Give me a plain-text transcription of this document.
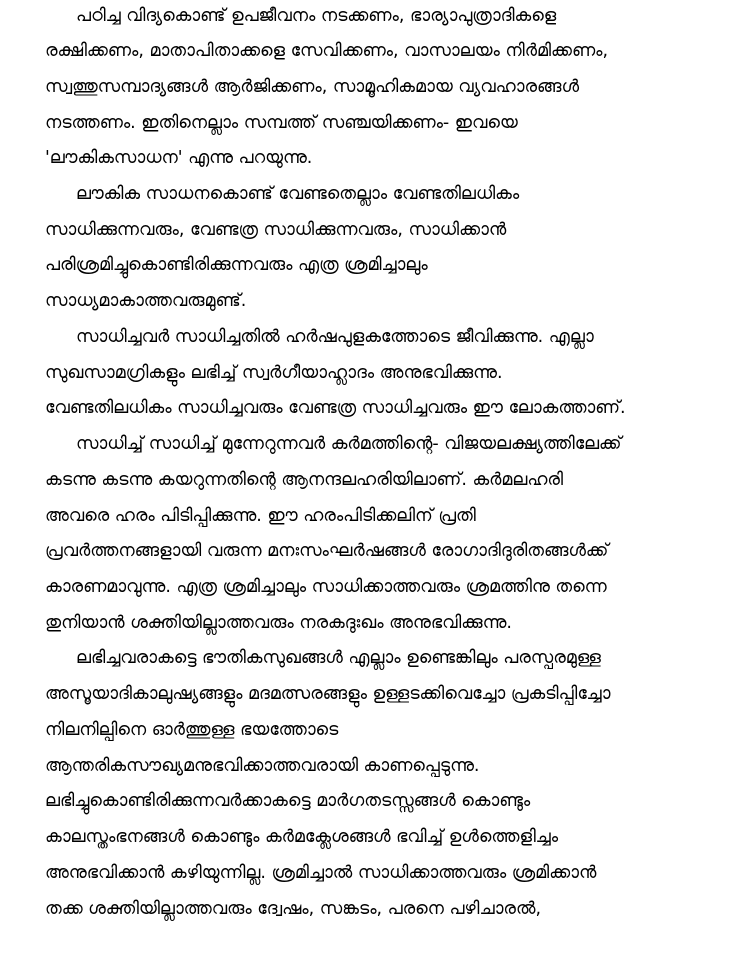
പഠിച്ച വിദ്യകൊണ്ട് ഉപജീവനം നടക്കണം, ഭാര്യാപുത്രാദികളെ
രക്ഷിക്കണം, മാതാപിതാക്കളെ സേവിക്കണം, വാസാലയം നിർമിക്കണം,
സ്വത്തുസമ്പാദ്യങ്ങൾ ആർജിക്കണം, സാമൂഹികമായ വ്യവഹാരങ്ങൾ
നടത്തണം. ഇതിനെല്ലാം സമ്പത്ത് സഞ്ചയിക്കണം- ഇവയെ
'ലൗകികസാധന' എന്നു പറയുന്നു.
ലൗകിക സാധനകൊണ്ട് വേണ്ടതെല്ലാം വേണ്ടതിലധികം
സാധിക്കുന്നവരും, വേണ്ടത്ര സാധിക്കുന്നവരും, സാധിക്കാൻ
പരിശ്രമിച്ചുകൊണ്ടിരിക്കുന്നവരും എത്ര ശ്രമിച്ചാലും
സാധ്യമാകാത്തവരുമുണ്ട്.
സാധിച്ചവർ സാധിച്ചതിൽ ഹർഷപുളകത്തോടെ ജീവിക്കുന്നു. എല്ലാ
സുഖസാമഗ്രികളും ലഭിച്ച് സ്വർഗീയാഹ്ലാദം അനുഭവിക്കുന്നു.
വേണ്ടതിലധികം സാധിച്ചവരും വേണ്ടത്ര സാധിച്ചവരും ഈ ലോകത്താണ്.
സാധിച്ച് സാധിച്ച് മുന്നേറുന്നവർ കർമത്തിന്റെ- വിജയലക്ഷ്യത്തിലേക്ക്
കടന്നു കടന്നു കയറുന്നതിന്റെ ആനന്ദലഹരിയിലാണ്. കർമലഹരി
അവരെ ഹരം പിടിപ്പിക്കുന്നു. ഈ ഹരംപിടിക്കലിന് പ്രതി
പ്രവർത്തനങ്ങളായി വരുന്ന മനഃസംഘർഷങ്ങൾ രോഗാദിദുരിതങ്ങൾക്ക്
കാരണമാവുന്നു. എത്ര ശ്രമിച്ചാലും സാധിക്കാത്തവരും ശ്രമത്തിനു തന്നെ
തുനിയാൻ ശക്തിയില്ലാത്തവരും നരകദുഃഖം അനുഭവിക്കുന്നു.
ലഭിച്ചവരാകട്ടെ ഭൗതികസുഖങ്ങൾ എല്ലാം ഉണ്ടെങ്കിലും പരസ്പരമുള്ള
അസൂയാദികാലുഷ്യങ്ങളും മദമത്സരങ്ങളും ഉള്ളടക്കിവെച്ചോ പ്രകടിപ്പിച്ചോ
നിലനില്പിനെ ഓർത്തുള്ള ഭയത്തോടെ
ആന്തരികസൗഖ്യമനുഭവിക്കാത്തവരായി കാണപ്പെടുന്നു.
ലഭിച്ചുകൊണ്ടിരിക്കുന്നവർക്കാകട്ടെ മാർഗതടസ്സങ്ങൾ കൊണ്ടും
കാലസ്തംഭനങ്ങൾ കൊണ്ടും കർമക്ലേശങ്ങൾ ഭവിച്ച് ഉൾത്തെളിച്ചം
അനുഭവിക്കാൻ കഴിയുന്നില്ല. ശ്രമിച്ചാൽ സാധിക്കാത്തവരും ശ്രമിക്കാൻ
തക്ക ശക്തിയില്ലാത്തവരും ദ്വേഷം, സങ്കടം, പരനെ പഴിചാരൽ,
